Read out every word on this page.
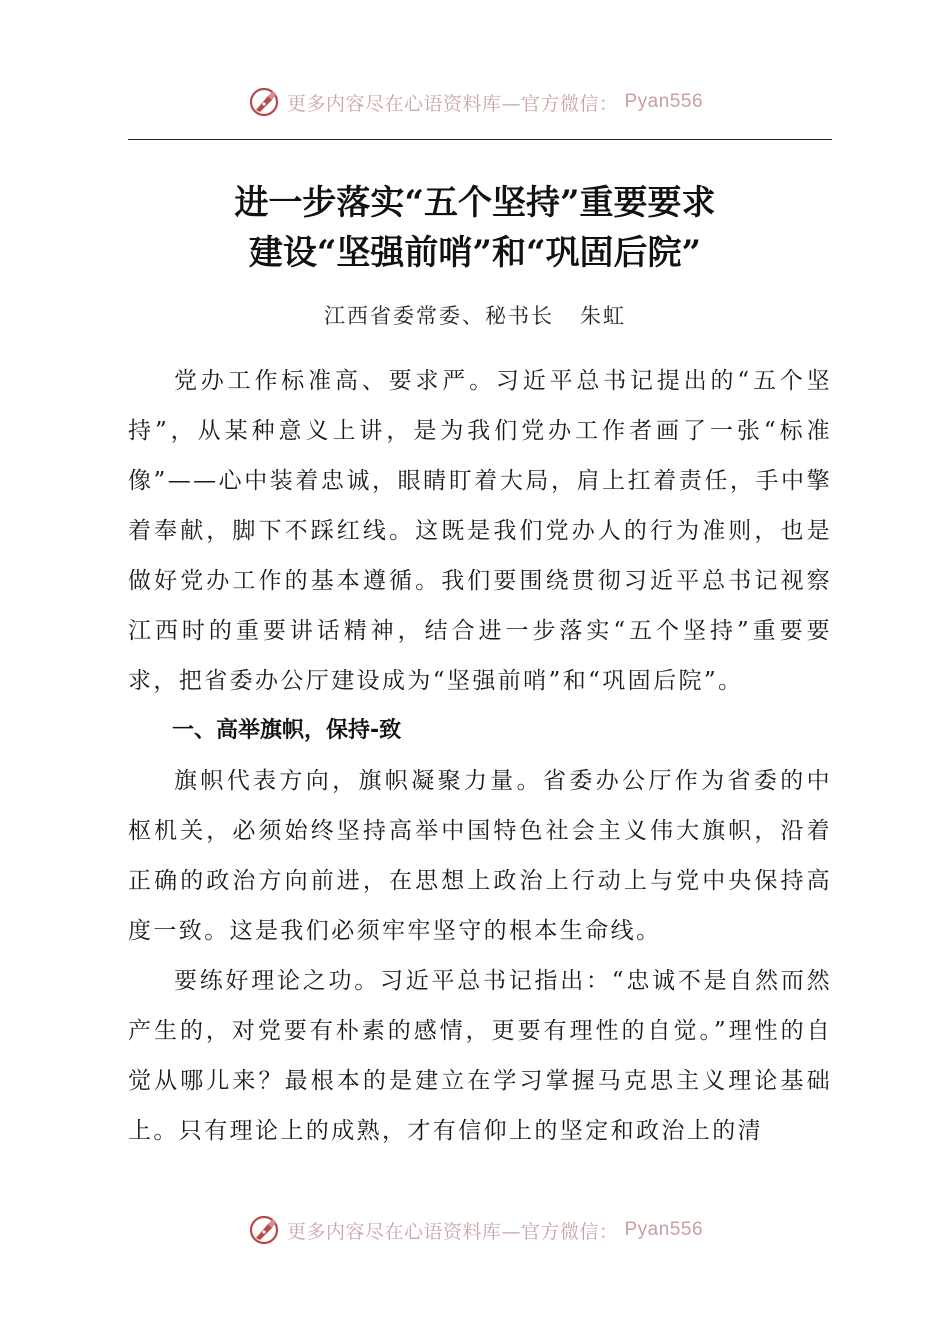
更多内容尽在心语资料库—官方微信： Pyan556
进一步落实“五个坚持”重要要求
建设“坚强前哨”和“巩固后院”
江西省委常委、秘书长 朱虹

党办工作标准高、要求严。习近平总书记提出的“五个坚持”，从某种意义上讲，是为我们党办工作者画了一张“标准像”——心中装着忠诚，眼睛盯着大局，肩上扛着责任，手中擎着奉献，脚下不踩红线。这既是我们党办人的行为准则，也是做好党办工作的基本遵循。我们要围绕贯彻习近平总书记视察江西时的重要讲话精神，结合进一步落实“五个坚持”重要要求，把省委办公厅建设成为“坚强前哨”和“巩固后院”。

一、高举旗帜，保持-致

旗帜代表方向，旗帜凝聚力量。省委办公厅作为省委的中枢机关，必须始终坚持高举中国特色社会主义伟大旗帜，沿着正确的政治方向前进，在思想上政治上行动上与党中央保持高度一致。这是我们必须牢牢坚守的根本生命线。

要练好理论之功。习近平总书记指出：“忠诚不是自然而然产生的，对党要有朴素的感情，更要有理性的自觉。”理性的自觉从哪儿来？最根本的是建立在学习掌握马克思主义理论基础上。只有理论上的成熟，才有信仰上的坚定和政治上的清

更多内容尽在心语资料库—官方微信： Pyan556
